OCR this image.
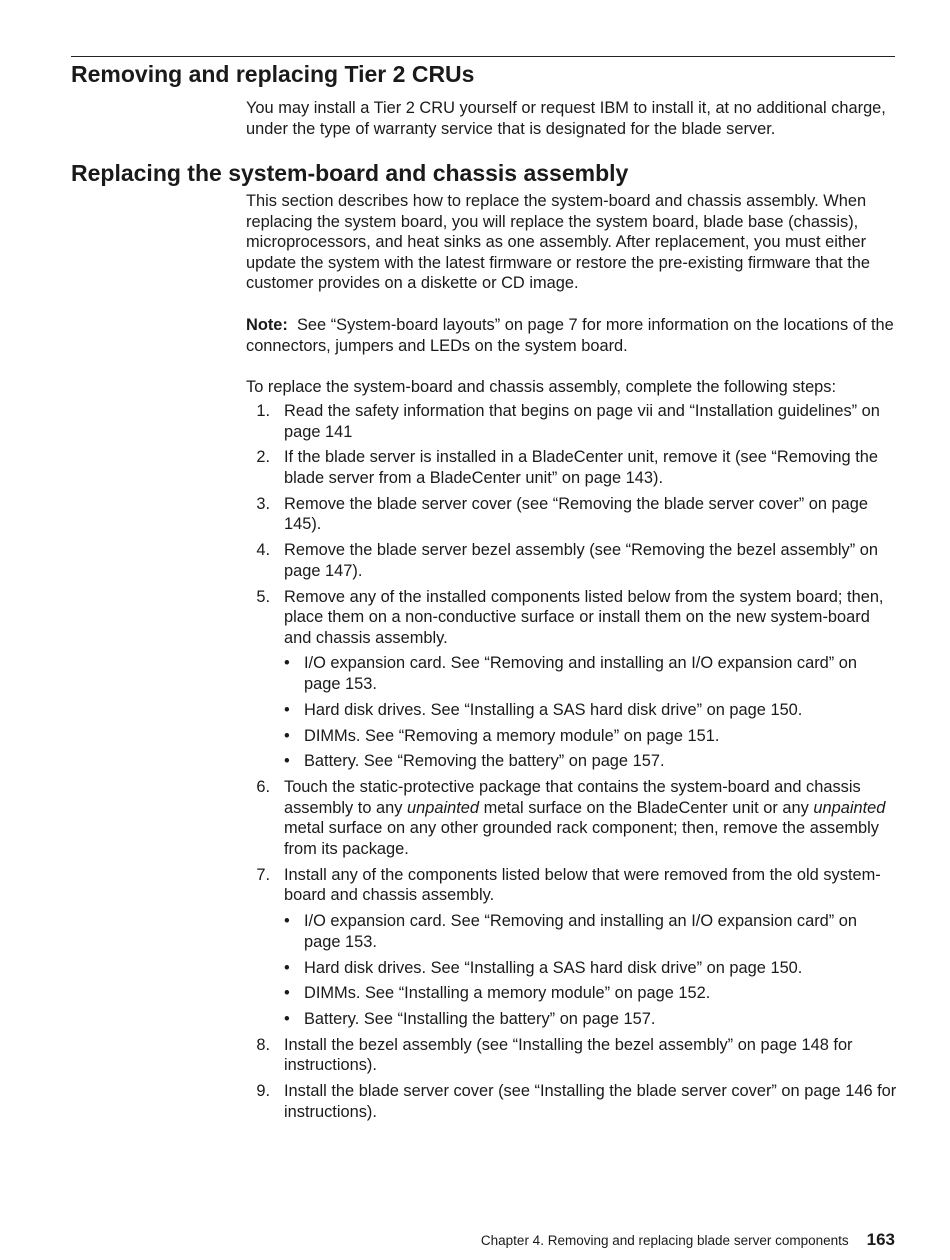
Removing and replacing Tier 2 CRUs

You may install a Tier 2 CRU yourself or request IBM to install it, at no additional charge, under the type of warranty service that is designated for the blade server.

Replacing the system-board and chassis assembly

This section describes how to replace the system-board and chassis assembly. When replacing the system board, you will replace the system board, blade base (chassis), microprocessors, and heat sinks as one assembly. After replacement, you must either update the system with the latest firmware or restore the pre-existing firmware that the customer provides on a diskette or CD image.

Note: See “System-board layouts” on page 7 for more information on the locations of the connectors, jumpers and LEDs on the system board.

To replace the system-board and chassis assembly, complete the following steps:

1. Read the safety information that begins on page vii and “Installation guidelines” on page 141
2. If the blade server is installed in a BladeCenter unit, remove it (see “Removing the blade server from a BladeCenter unit” on page 143).
3. Remove the blade server cover (see “Removing the blade server cover” on page 145).
4. Remove the blade server bezel assembly (see “Removing the bezel assembly” on page 147).
5. Remove any of the installed components listed below from the system board; then, place them on a non-conductive surface or install them on the new system-board and chassis assembly.
• I/O expansion card. See “Removing and installing an I/O expansion card” on page 153.
• Hard disk drives. See “Installing a SAS hard disk drive” on page 150.
• DIMMs. See “Removing a memory module” on page 151.
• Battery. See “Removing the battery” on page 157.
6. Touch the static-protective package that contains the system-board and chassis assembly to any unpainted metal surface on the BladeCenter unit or any unpainted metal surface on any other grounded rack component; then, remove the assembly from its package.
7. Install any of the components listed below that were removed from the old system-board and chassis assembly.
• I/O expansion card. See “Removing and installing an I/O expansion card” on page 153.
• Hard disk drives. See “Installing a SAS hard disk drive” on page 150.
• DIMMs. See “Installing a memory module” on page 152.
• Battery. See “Installing the battery” on page 157.
8. Install the bezel assembly (see “Installing the bezel assembly” on page 148 for instructions).
9. Install the blade server cover (see “Installing the blade server cover” on page 146 for instructions).
Chapter 4. Removing and replacing blade server components 163
